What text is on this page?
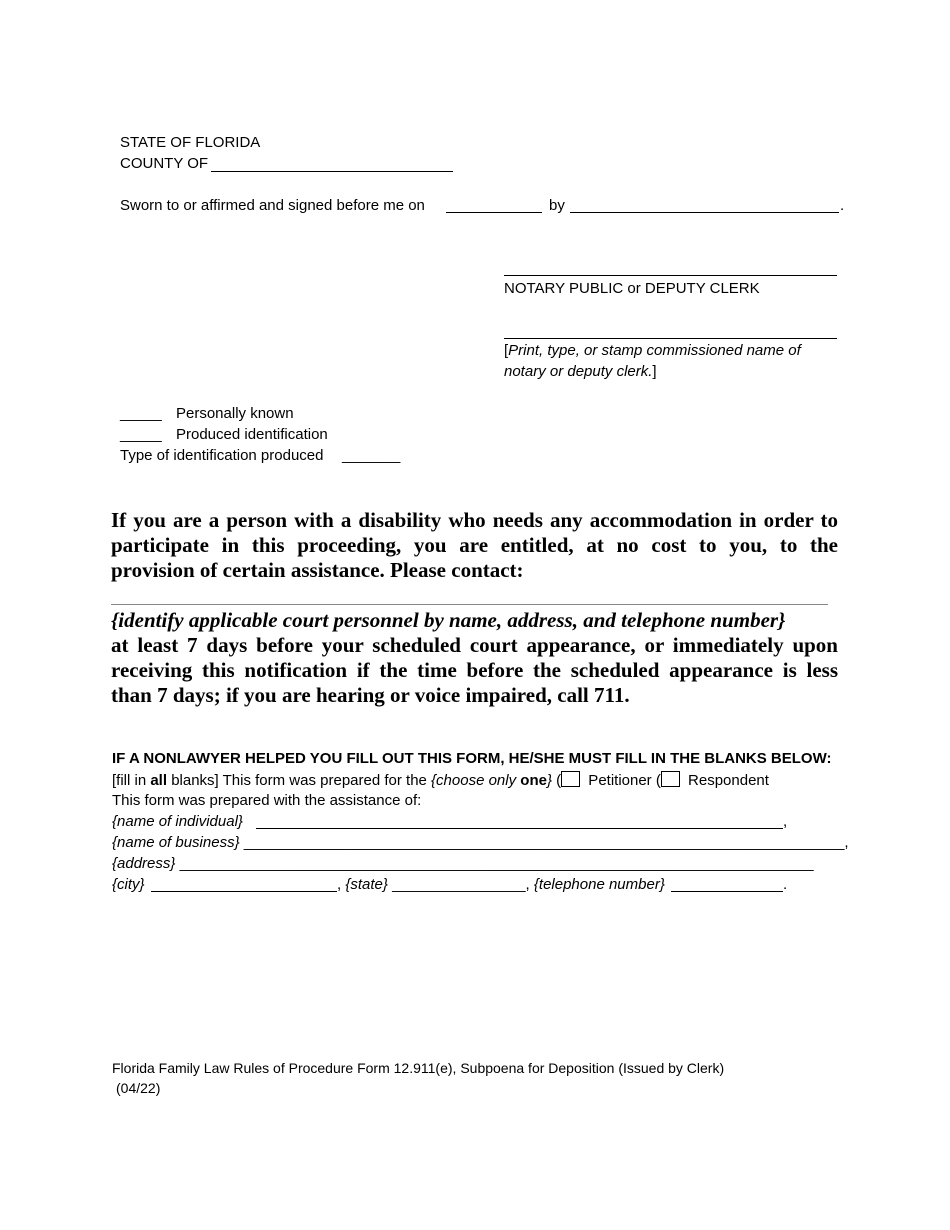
STATE OF FLORIDA
COUNTY OF
Sworn to or affirmed and signed before me on	by	.
NOTARY PUBLIC or DEPUTY CLERK
[Print, type, or stamp commissioned name of
notary or deputy clerk.]
_____ Personally known
_____ Produced identification
Type of identification produced _______
If you are a person with a disability who needs any accommodation in order to
participate in this proceeding, you are entitled, at no cost to you, to the
provision of certain assistance. Please contact:
{identify applicable court personnel by name, address, and telephone number}
at least 7 days before your scheduled court appearance, or immediately upon
receiving this notification if the time before the scheduled appearance is less
than 7 days; if you are hearing or voice impaired, call 711.
IF A NONLAWYER HELPED YOU FILL OUT THIS FORM, HE/SHE MUST FILL IN THE BLANKS BELOW:
[fill in all blanks] This form was prepared for the {choose only one} ( Petitioner ( Respondent
This form was prepared with the assistance of:
{name of individual}	,
{name of business} ________________________________________________________________________,
{address} ____________________________________________________________________________
{city}	, {state} ________________, {telephone number}	.
Florida Family Law Rules of Procedure Form 12.911(e), Subpoena for Deposition (Issued by Clerk)
(04/22)
